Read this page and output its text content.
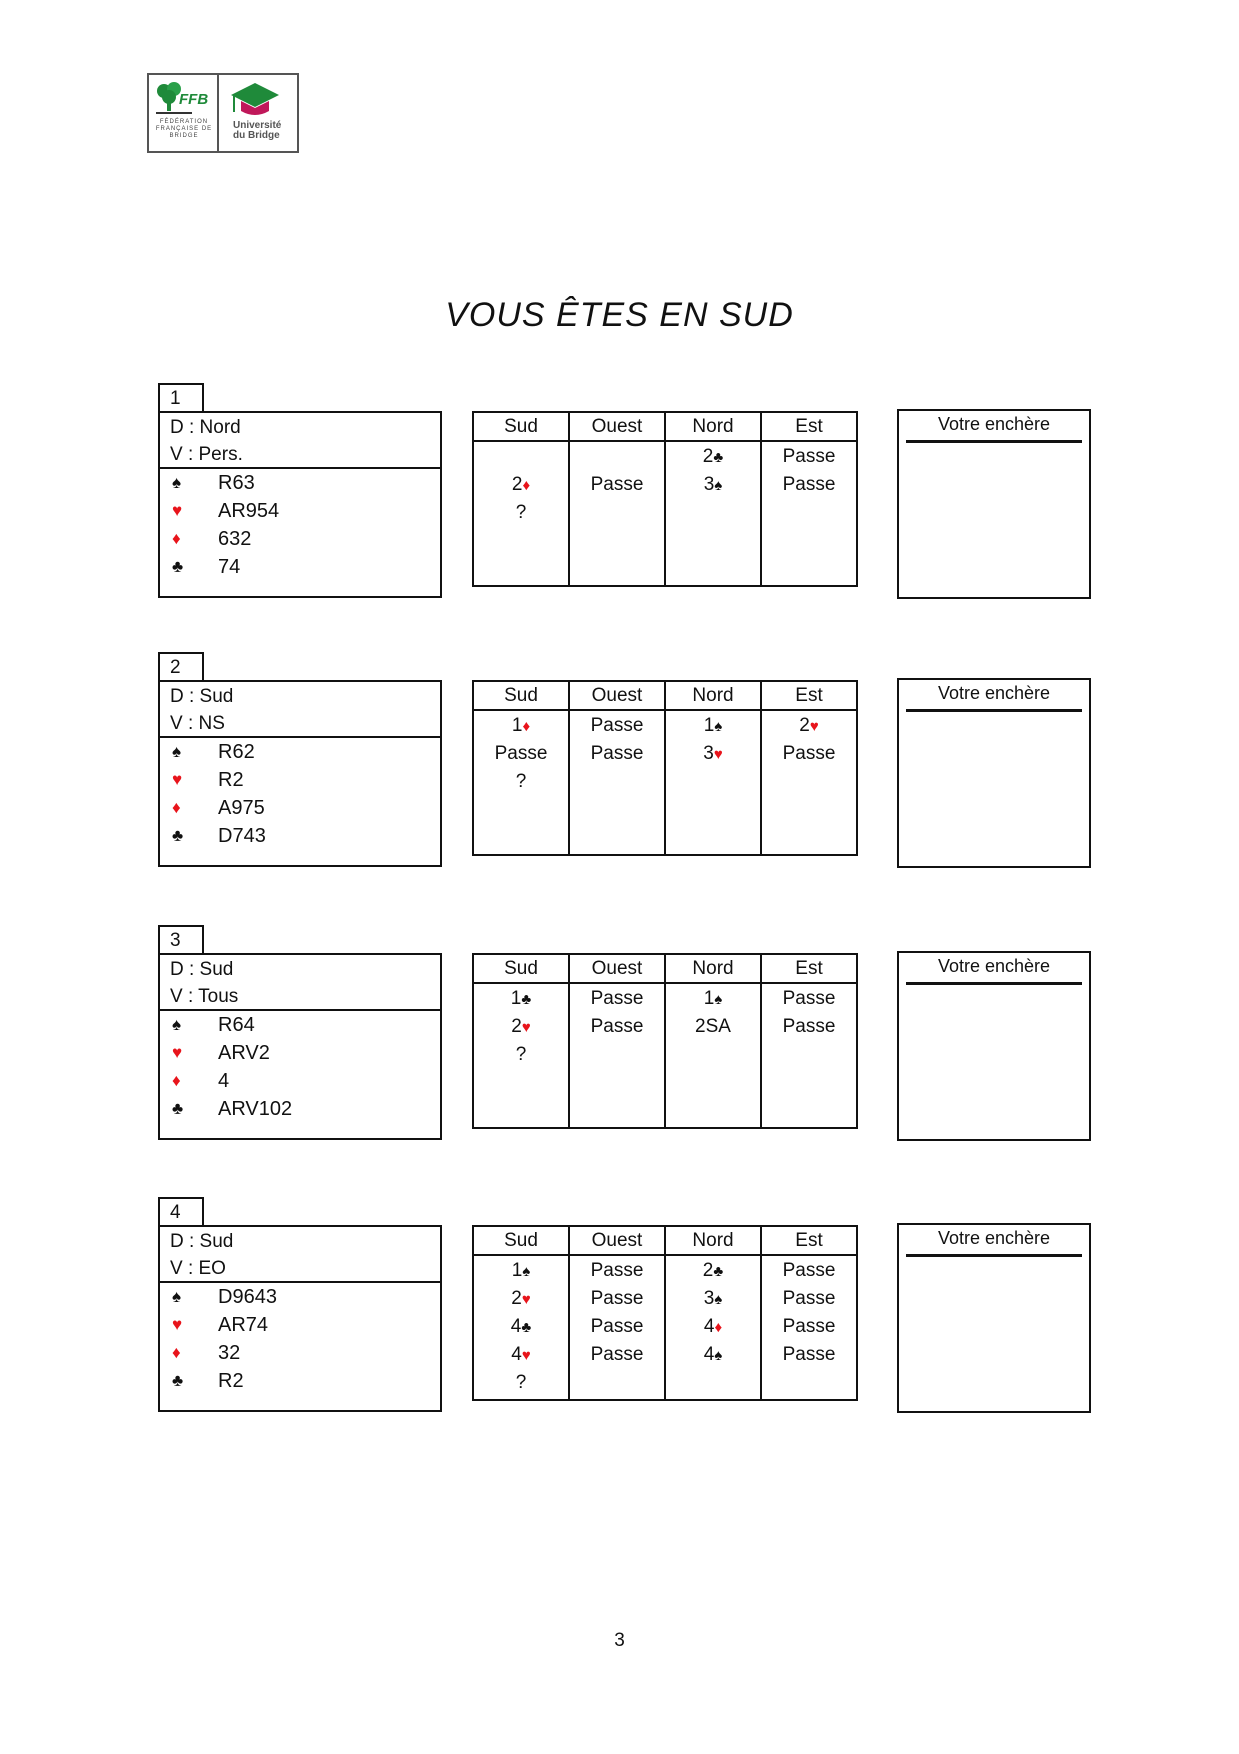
FFB
FÉDÉRATION FRANÇAISE DE BRIDGE
Université
du Bridge
VOUS ÊTES EN SUD
1
D : Nord
V : Pers.
♠ R63
♥ AR954
♦ 632
♣ 74
Sud
2♦
?
Ouest
Passe
Nord
2♣
3♠
Est
Passe
Passe
Votre enchère
2
D : Sud
V : NS
♠ R62
♥ R2
♦ A975
♣ D743
Sud
1♦
Passe
?
Ouest
Passe
Passe
Nord
1♠
3♥
Est
2♥
Passe
Votre enchère
3
D : Sud
V : Tous
♠ R64
♥ ARV2
♦ 4
♣ ARV102
Sud
1♣
2♥
?
Ouest
Passe
Passe
Nord
1♠
2SA
Est
Passe
Passe
Votre enchère
4
D : Sud
V : EO
♠ D9643
♥ AR74
♦ 32
♣ R2
Sud
1♠
2♥
4♣
4♥
?
Ouest
Passe
Passe
Passe
Passe
Nord
2♣
3♠
4♦
4♠
Est
Passe
Passe
Passe
Passe
Votre enchère
3
